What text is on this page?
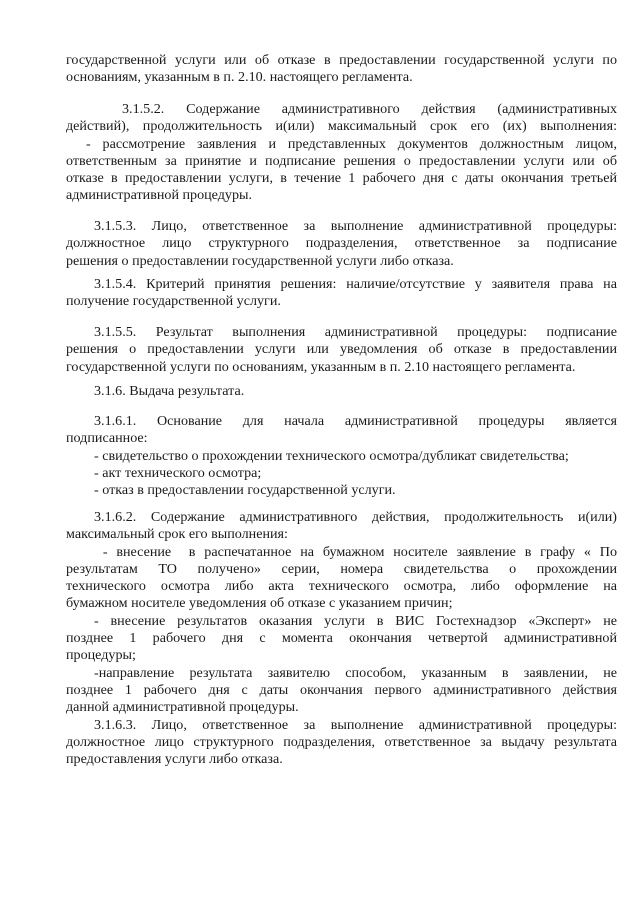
государственной услуги или об отказе в предоставлении государственной услуги по
основаниям, указанным в п. 2.10. настоящего регламента.
3.1.5.2.    Содержание    административного    действия    (административных
действий), продолжительность и(или) максимальный срок его (их) выполнения:
- рассмотрение заявления и представленных документов должностным лицом,
ответственным за принятие и подписание решения о предоставлении услуги или об
отказе в предоставлении услуги, в течение 1 рабочего дня с даты окончания третьей
административной процедуры.
3.1.5.3. Лицо, ответственное за выполнение административной процедуры:
должностное лицо структурного подразделения, ответственное за подписание
решения о предоставлении государственной услуги либо отказа.
3.1.5.4. Критерий принятия решения: наличие/отсутствие у заявителя права на
получение государственной услуги.
3.1.5.5. Результат выполнения административной процедуры: подписание
решения о предоставлении услуги или уведомления об отказе в предоставлении
государственной услуги по основаниям, указанным в п. 2.10 настоящего регламента.
3.1.6. Выдача результата.
3.1.6.1.    Основание    для    начала    административной    процедуры    является
подписанное:
- свидетельство о прохождении технического осмотра/дубликат свидетельства;
- акт технического осмотра;
- отказ в предоставлении государственной услуги.
3.1.6.2. Содержание административного действия, продолжительность и(или)
максимальный срок его выполнения:
- внесение  в распечатанное на бумажном носителе заявление в графу « По
результатам   ТО   получено»   серии,   номера   свидетельства   о   прохождении
технического осмотра либо акта технического осмотра, либо оформление на
бумажном носителе уведомления об отказе с указанием причин;
- внесение результатов оказания услуги в ВИС Гостехнадзор «Эксперт» не
позднее  1  рабочего  дня  с  момента  окончания  четвертой  административной
процедуры;
-направление результата заявителю способом, указанным в заявлении, не
позднее 1 рабочего дня с даты окончания первого административного действия
данной административной процедуры.
3.1.6.3. Лицо, ответственное за выполнение административной процедуры:
должностное лицо структурного подразделения, ответственное за выдачу результата
предоставления услуги либо отказа.
